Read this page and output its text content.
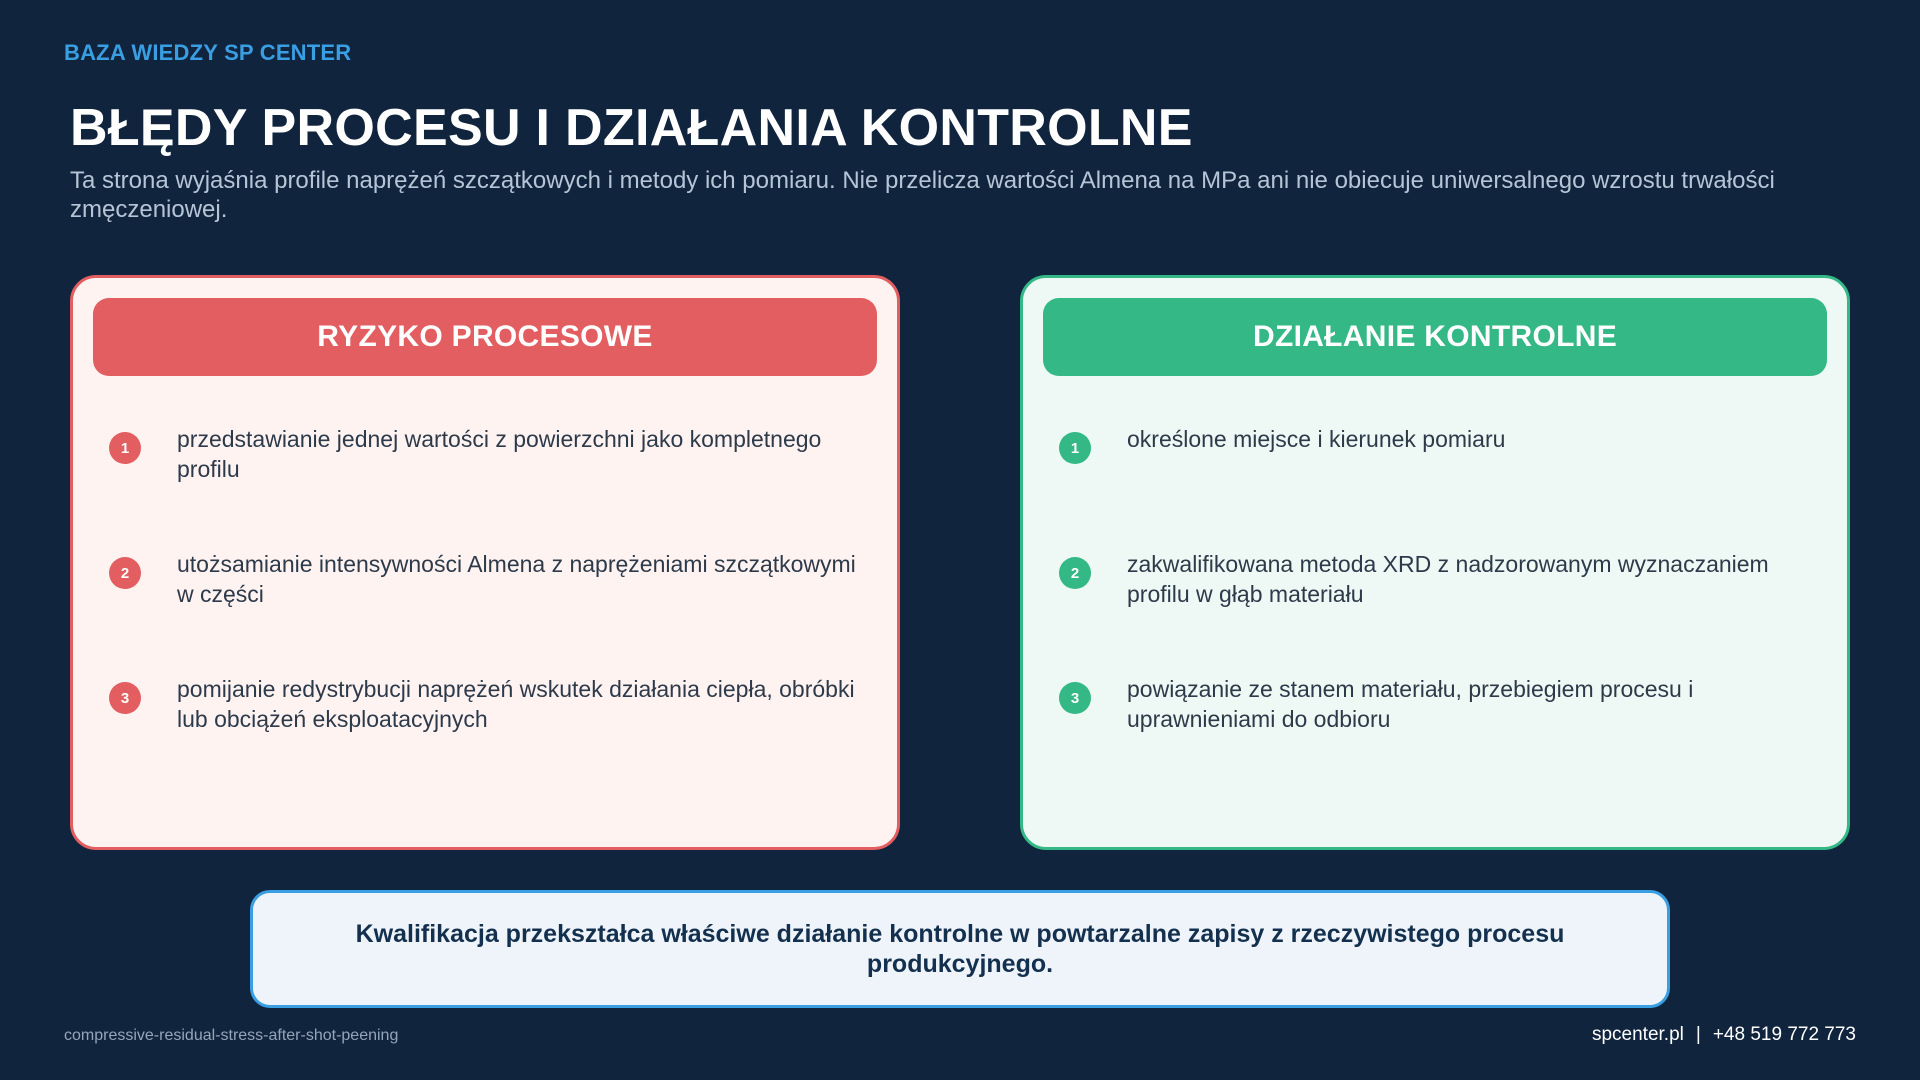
BAZA WIEDZY SP CENTER
BŁĘDY PROCESU I DZIAŁANIA KONTROLNE

Ta strona wyjaśnia profile naprężeń szczątkowych i metody ich pomiaru. Nie przelicza wartości Almena na MPa ani nie obiecuje uniwersalnego wzrostu trwałości zmęczeniowej.

RYZYKO PROCESOWE
1	przedstawianie jednej wartości z powierzchni jako kompletnego profilu
2	utożsamianie intensywności Almena z naprężeniami szczątkowymi w części
3	pomijanie redystrybucji naprężeń wskutek działania ciepła, obróbki lub obciążeń eksploatacyjnych
DZIAŁANIE KONTROLNE
1	określone miejsce i kierunek pomiaru
2	zakwalifikowana metoda XRD z nadzorowanym wyznaczaniem profilu w głąb materiału
3	powiązanie ze stanem materiału, przebiegiem procesu i uprawnieniami do odbioru
Kwalifikacja przekształca właściwe działanie kontrolne w powtarzalne zapisy z rzeczywistego procesu produkcyjnego.
compressive-residual-stress-after-shot-peening	spcenter.pl | +48 519 772 773
